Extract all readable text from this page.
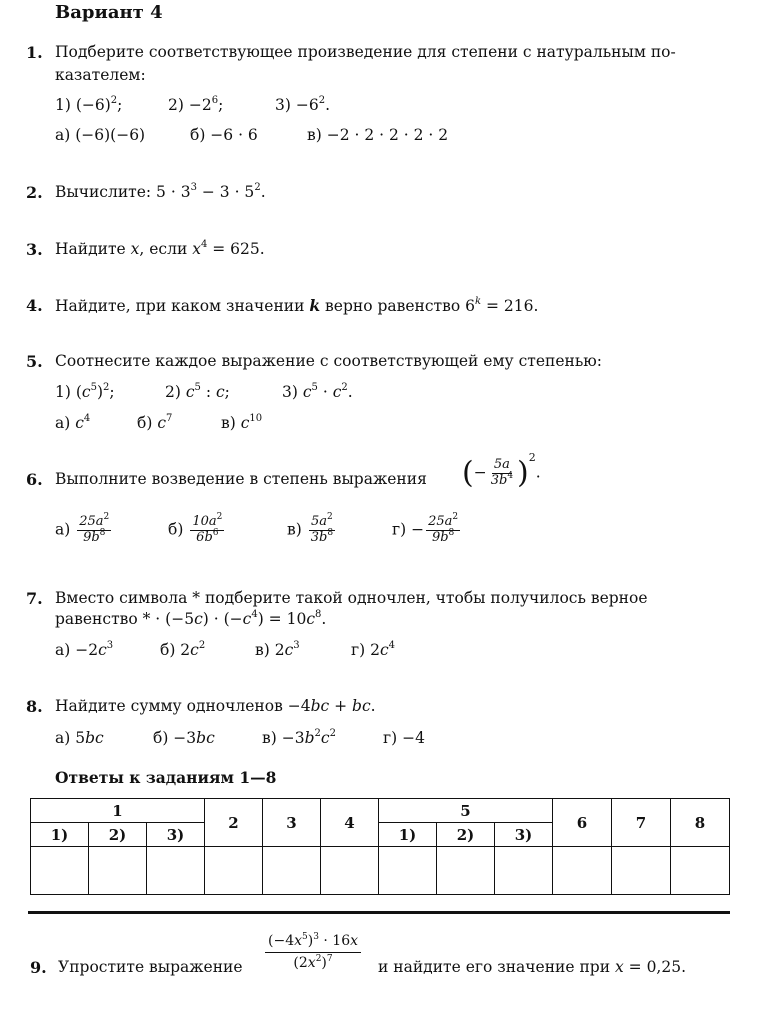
Вариант 4
1. Подберите соответствующее произведение для степени с натуральным по-
казателем:
1) $(-6)^2$;	$2) -2^6$;	$3) -6^2$.
а) (−6)(−6)	б) −6 · 6	в) −2 · 2 · 2 · 2 · 2
2. Вычислите: $5 \cdot 3^3 - 3 \cdot 5^2$.
3. Найдите x, если $x^4 = 625$.
4. Найдите, при каком значении k верно равенство $6^k = 216$.
5. Соотнесите каждое выражение с соответствующей ему степенью:
1) $(c^5)^2$;	2) $c^5$ : c;	3) $c^5 \cdot c^2$.
а) $c^4$	б) $c^7$	в) $c^{10}$
6. Выполните возведение в степень выражения (− $\frac{5a}{3b^4} )^2$.
$а) \frac{25a^2}{9b^8}$	$б) \frac{10a^2}{6b^6}$	$в) \frac{5a^2}{3b^8}$	$г) - \frac{25a^2}{9b^8}$
7. Вместо символа * подберите такой одночлен, чтобы получилось верное
равенство * · $(-5c) \cdot (-c^4) = 10c^8$.
$а) -2c^3$	б) $2c^2$	в) $2c^3$	г) $2c^4$
8. Найдите сумму одночленов −4bc + bc.
а) 5bc	б) −3bc	$в) -3b^2c^2$	г) −4
Ответы к заданиям 1—8
1			2	3	4	5			6	7	8
1)	2)	3)				1)	2)	3)			

9. Упростите выражение $\frac{(-4x^5)^3 \cdot 16x}{(2x^2)^7}$ и найдите его значение при x = 0,25.
